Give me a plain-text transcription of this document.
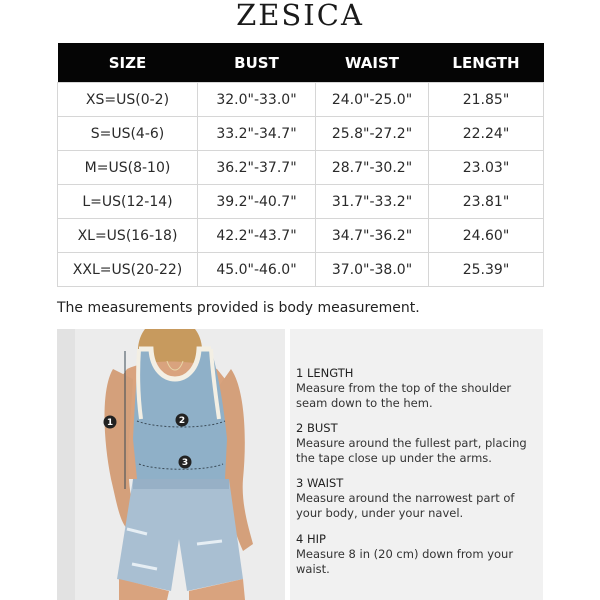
ZESICA
SIZE	BUST	WAIST	LENGTH
XS=US(0-2)	32.0"-33.0"	24.0"-25.0"	21.85"
S=US(4-6)	33.2"-34.7"	25.8"-27.2"	22.24"
M=US(8-10)	36.2"-37.7"	28.7"-30.2"	23.03"
L=US(12-14)	39.2"-40.7"	31.7"-33.2"	23.81"
XL=US(16-18)	42.2"-43.7"	34.7"-36.2"	24.60"
XXL=US(20-22)	45.0"-46.0"	37.0"-38.0"	25.39"
The measurements provided is body measurement.
1	2
3
1 LENGTH
Measure from the top of the shoulder
seam down to the hem.
2 BUST
Measure around the fullest part, placing
the tape close up under the arms.
3 WAIST
Measure around the narrowest part of
your body, under your navel.
4 HIP
Measure 8 in (20 cm) down from your waist.
